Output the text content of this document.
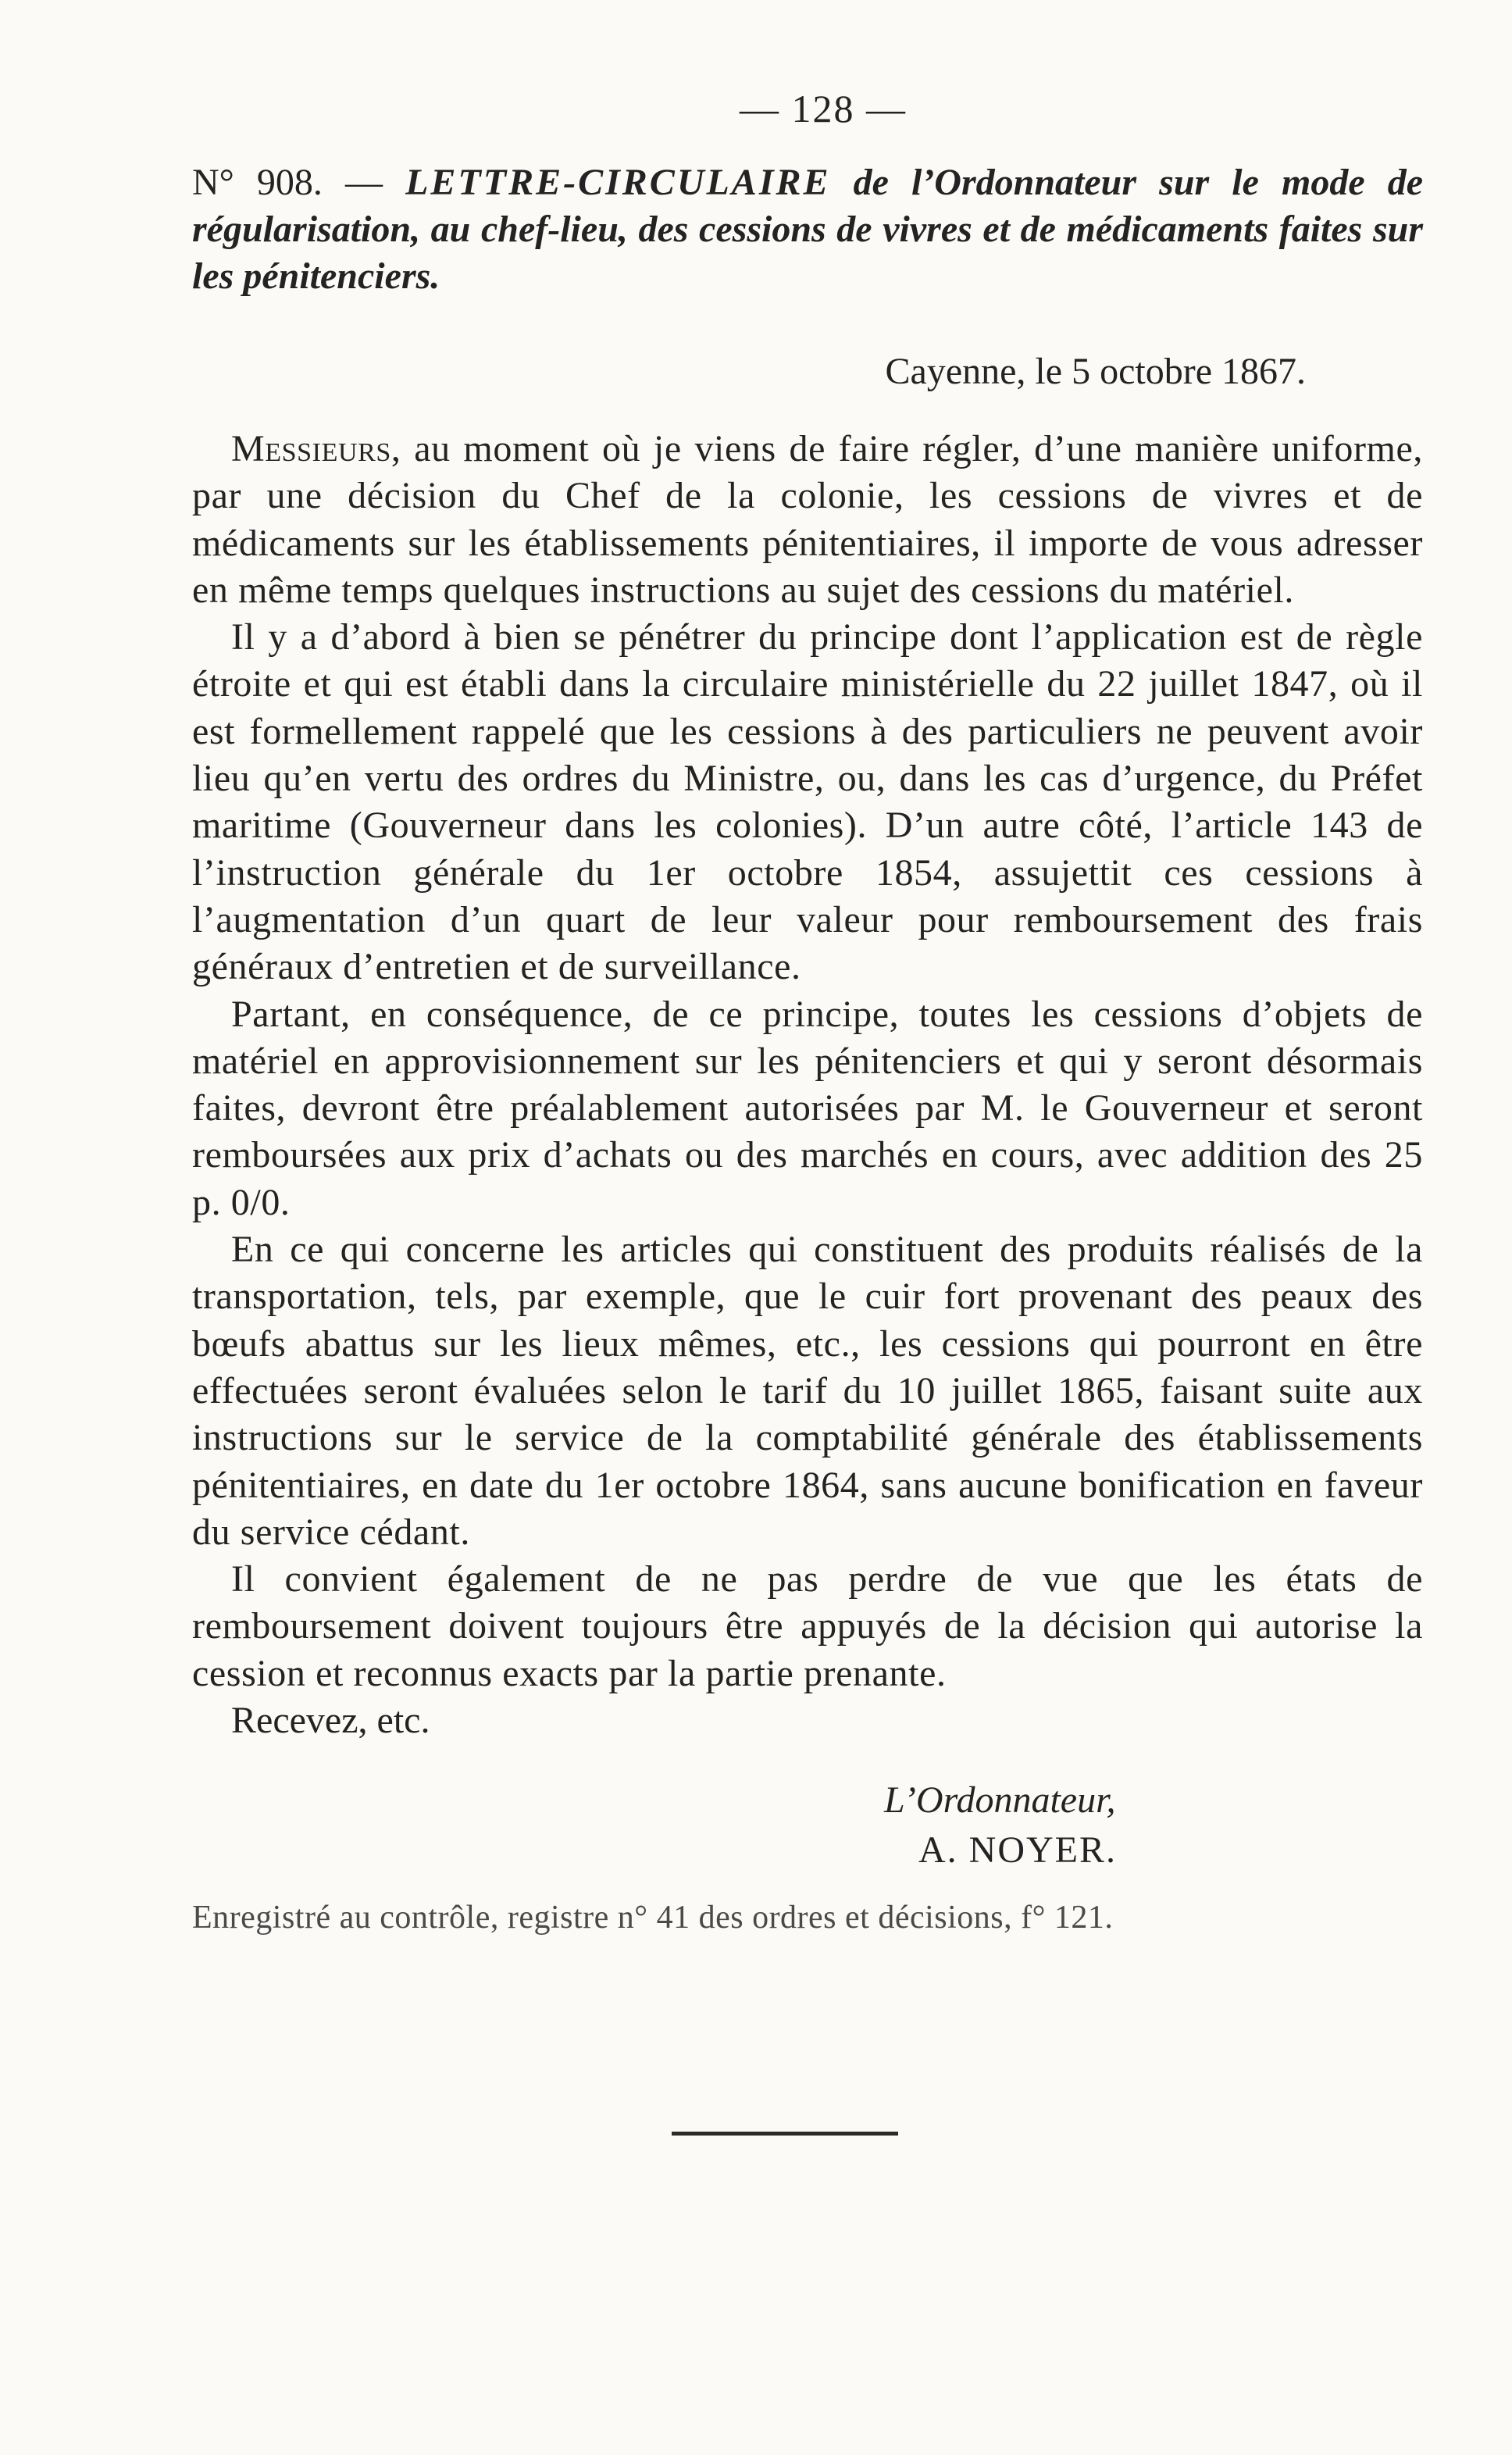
— 128 —

N° 908. — LETTRE-CIRCULAIRE de l’Ordonnateur sur le mode de régularisation, au chef-lieu, des cessions de vivres et de médicaments faites sur les pénitenciers.

Cayenne, le 5 octobre 1867.

Messieurs, au moment où je viens de faire régler, d’une manière uniforme, par une décision du Chef de la colonie, les cessions de vivres et de médicaments sur les établissements pénitentiaires, il importe de vous adresser en même temps quelques instructions au sujet des cessions du matériel.

Il y a d’abord à bien se pénétrer du principe dont l’application est de règle étroite et qui est établi dans la circulaire ministérielle du 22 juillet 1847, où il est formellement rappelé que les cessions à des particuliers ne peuvent avoir lieu qu’en vertu des ordres du Ministre, ou, dans les cas d’urgence, du Préfet maritime (Gouverneur dans les colonies). D’un autre côté, l’article 143 de l’instruction générale du 1er octobre 1854, assujettit ces cessions à l’augmentation d’un quart de leur valeur pour remboursement des frais généraux d’entretien et de surveillance.

Partant, en conséquence, de ce principe, toutes les cessions d’objets de matériel en approvisionnement sur les pénitenciers et qui y seront désormais faites, devront être préalablement autorisées par M. le Gouverneur et seront remboursées aux prix d’achats ou des marchés en cours, avec addition des 25 p. 0/0.

En ce qui concerne les articles qui constituent des produits réalisés de la transportation, tels, par exemple, que le cuir fort provenant des peaux des bœufs abattus sur les lieux mêmes, etc., les cessions qui pourront en être effectuées seront évaluées selon le tarif du 10 juillet 1865, faisant suite aux instructions sur le service de la comptabilité générale des établissements pénitentiaires, en date du 1er octobre 1864, sans aucune bonification en faveur du service cédant.

Il convient également de ne pas perdre de vue que les états de remboursement doivent toujours être appuyés de la décision qui autorise la cession et reconnus exacts par la partie prenante.

Recevez, etc.

L’Ordonnateur,
A. NOYER.
Enregistré au contrôle, registre n° 41 des ordres et décisions, f° 121.
